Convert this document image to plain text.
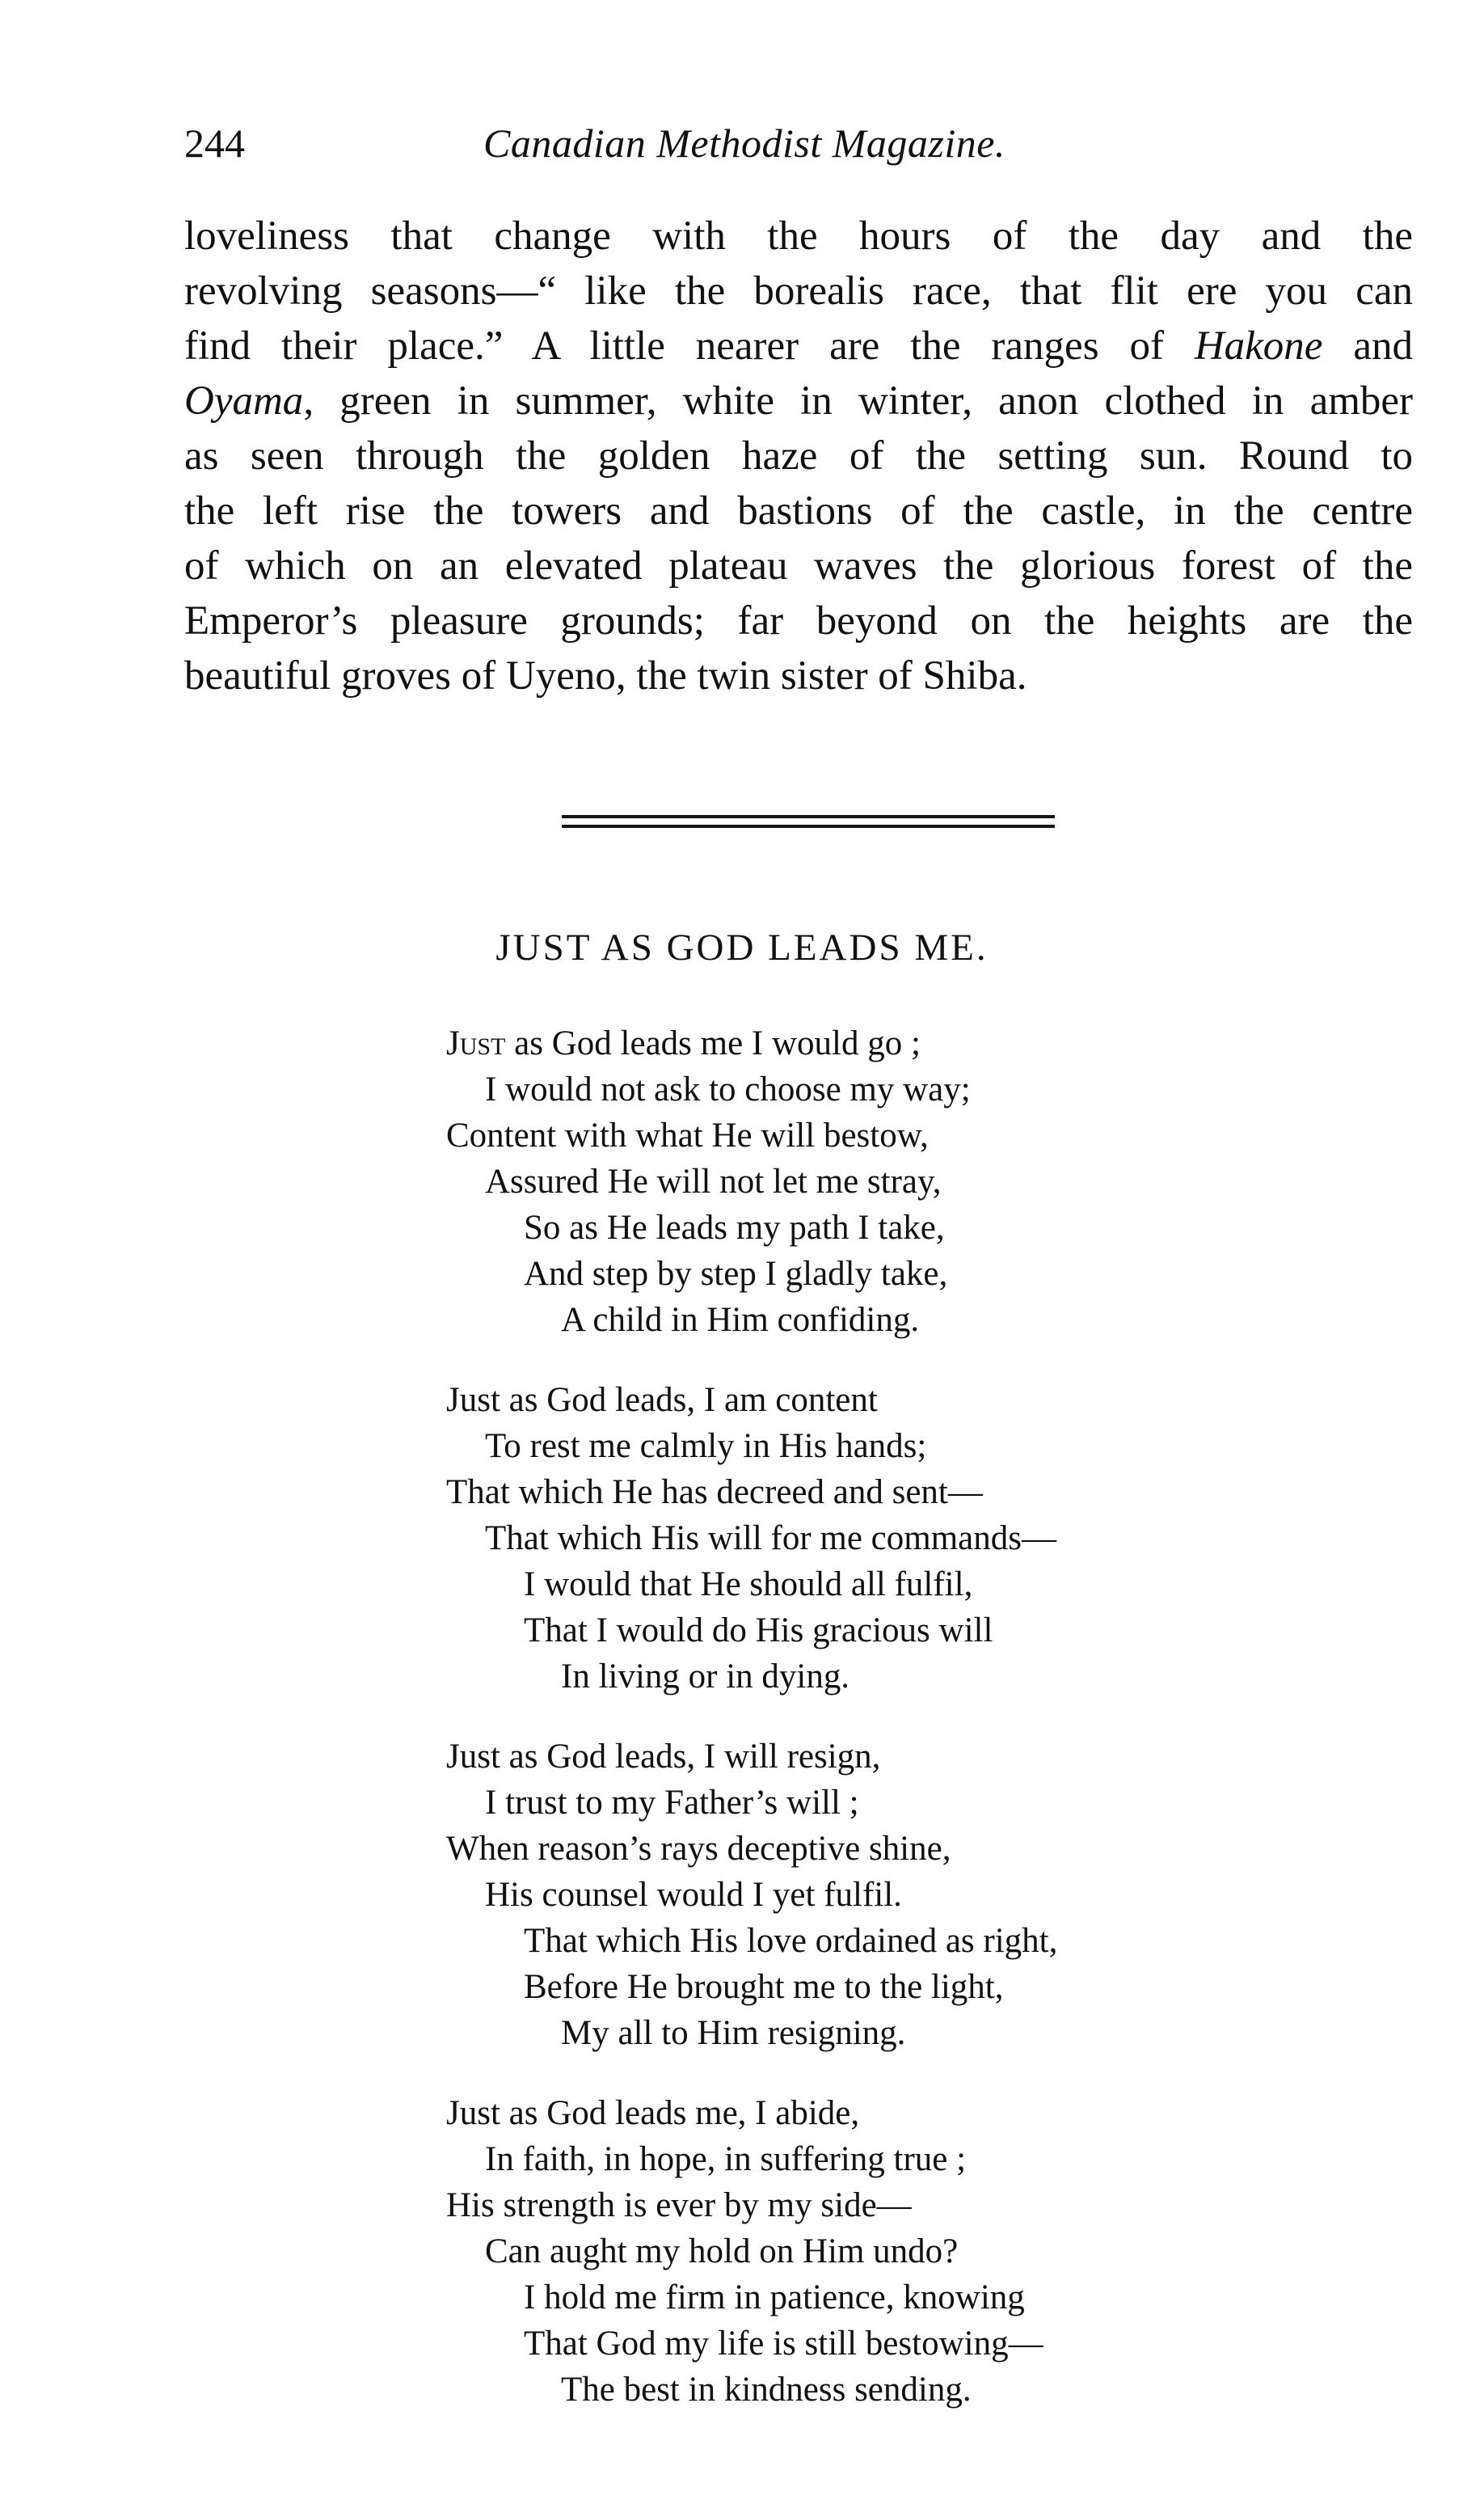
244	Canadian Methodist Magazine.
loveliness that change with the hours of the day and the
revolving seasons—“ like the borealis race, that flit ere you can
find their place.” A little nearer are the ranges of Hakone and
Oyama, green in summer, white in winter, anon clothed in amber
as seen through the golden haze of the setting sun. Round to
the left rise the towers and bastions of the castle, in the centre
of which on an elevated plateau waves the glorious forest of the
Emperor’s pleasure grounds; far beyond on the heights are the
beautiful groves of Uyeno, the twin sister of Shiba.
JUST AS GOD LEADS ME.
Just as God leads me I would go ;
I would not ask to choose my way;
Content with what He will bestow,
Assured He will not let me stray,
So as He leads my path I take,
And step by step I gladly take,
A child in Him confiding.
Just as God leads, I am content
To rest me calmly in His hands;
That which He has decreed and sent—
That which His will for me commands—
I would that He should all fulfil,
That I would do His gracious will
In living or in dying.
Just as God leads, I will resign,
I trust to my Father’s will ;
When reason’s rays deceptive shine,
His counsel would I yet fulfil.
That which His love ordained as right,
Before He brought me to the light,
My all to Him resigning.
Just as God leads me, I abide,
In faith, in hope, in suffering true ;
His strength is ever by my side—
Can aught my hold on Him undo?
I hold me firm in patience, knowing
That God my life is still bestowing—
The best in kindness sending.
